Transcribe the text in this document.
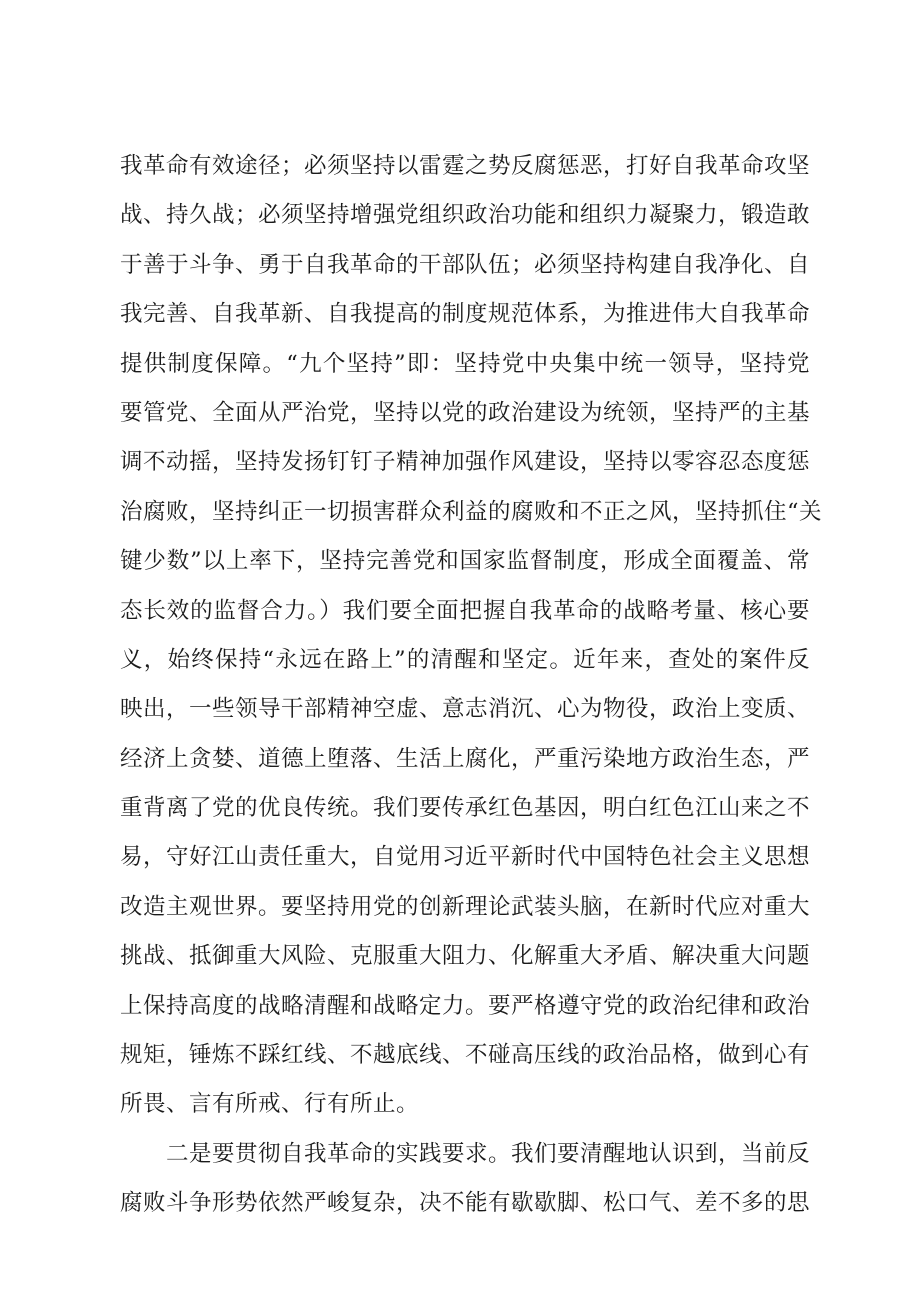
我革命有效途径；必须坚持以雷霆之势反腐惩恶，打好自我革命攻坚
战、持久战；必须坚持增强党组织政治功能和组织力凝聚力，锻造敢
于善于斗争、勇于自我革命的干部队伍；必须坚持构建自我净化、自
我完善、自我革新、自我提高的制度规范体系，为推进伟大自我革命
提供制度保障。“九个坚持”即：坚持党中央集中统一领导，坚持党
要管党、全面从严治党，坚持以党的政治建设为统领，坚持严的主基
调不动摇，坚持发扬钉钉子精神加强作风建设，坚持以零容忍态度惩
治腐败，坚持纠正一切损害群众利益的腐败和不正之风，坚持抓住“关
键少数”以上率下，坚持完善党和国家监督制度，形成全面覆盖、常
态长效的监督合力。）我们要全面把握自我革命的战略考量、核心要
义，始终保持“永远在路上”的清醒和坚定。近年来，查处的案件反
映出，一些领导干部精神空虚、意志消沉、心为物役，政治上变质、
经济上贪婪、道德上堕落、生活上腐化，严重污染地方政治生态，严
重背离了党的优良传统。我们要传承红色基因，明白红色江山来之不
易，守好江山责任重大，自觉用习近平新时代中国特色社会主义思想
改造主观世界。要坚持用党的创新理论武装头脑，在新时代应对重大
挑战、抵御重大风险、克服重大阻力、化解重大矛盾、解决重大问题
上保持高度的战略清醒和战略定力。要严格遵守党的政治纪律和政治
规矩，锤炼不踩红线、不越底线、不碰高压线的政治品格，做到心有
所畏、言有所戒、行有所止。
二是要贯彻自我革命的实践要求。我们要清醒地认识到，当前反
腐败斗争形势依然严峻复杂，决不能有歇歇脚、松口气、差不多的思
